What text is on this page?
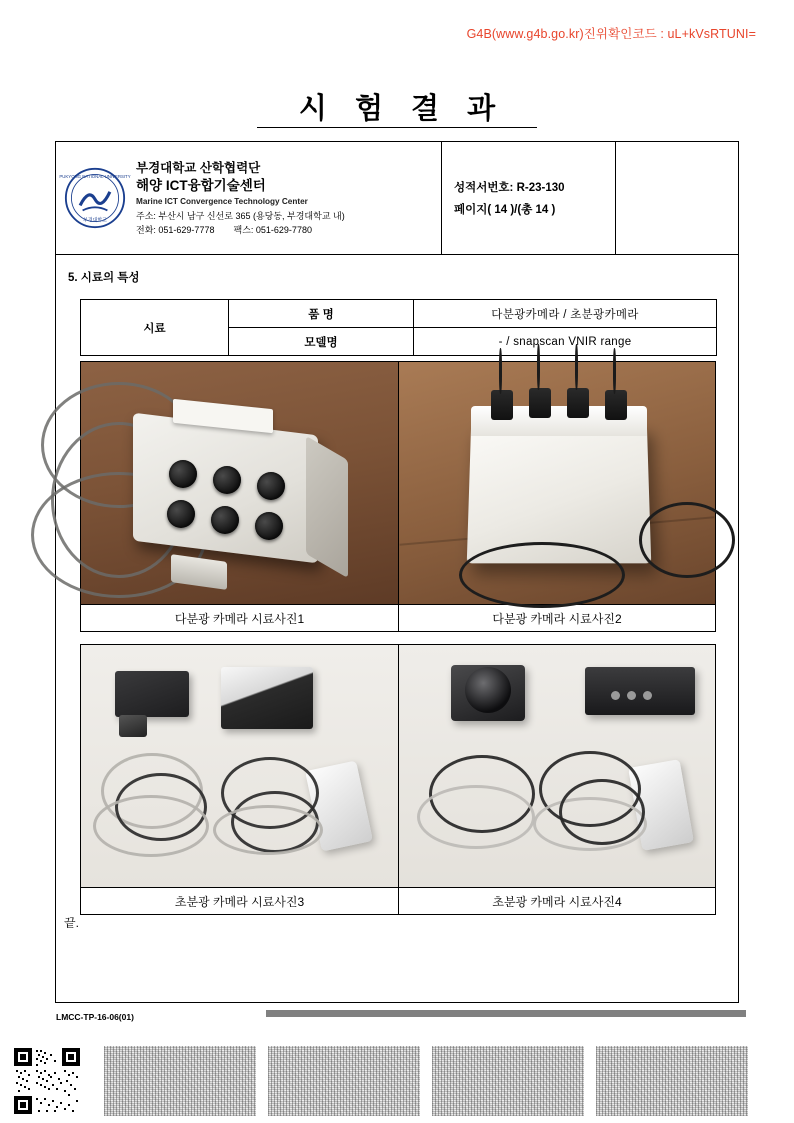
G4B(www.g4b.go.kr)진위확인코드 : uL+kVsRTUNI=
시 험 결 과
PUKYONG NATIONAL UNIVERSITY
부경대학교
부경대학교 산학협력단
해양 ICT융합기술센터
Marine ICT Convergence Technology Center
주소: 부산시 남구 신선로 365 (용당동, 부경대학교 내)
전화: 051-629-7778 팩스: 051-629-7780
성적서번호: R-23-130
페이지( 14 )/(총 14 )
5. 시료의 특성
시료	품 명	다분광카메라 / 초분광카메라
	모델명	- / snapscan VNIR range
다분광 카메라 시료사진1	다분광 카메라 시료사진2
초분광 카메라 시료사진3	초분광 카메라 시료사진4
끝.
LMCC-TP-16-06(01)
